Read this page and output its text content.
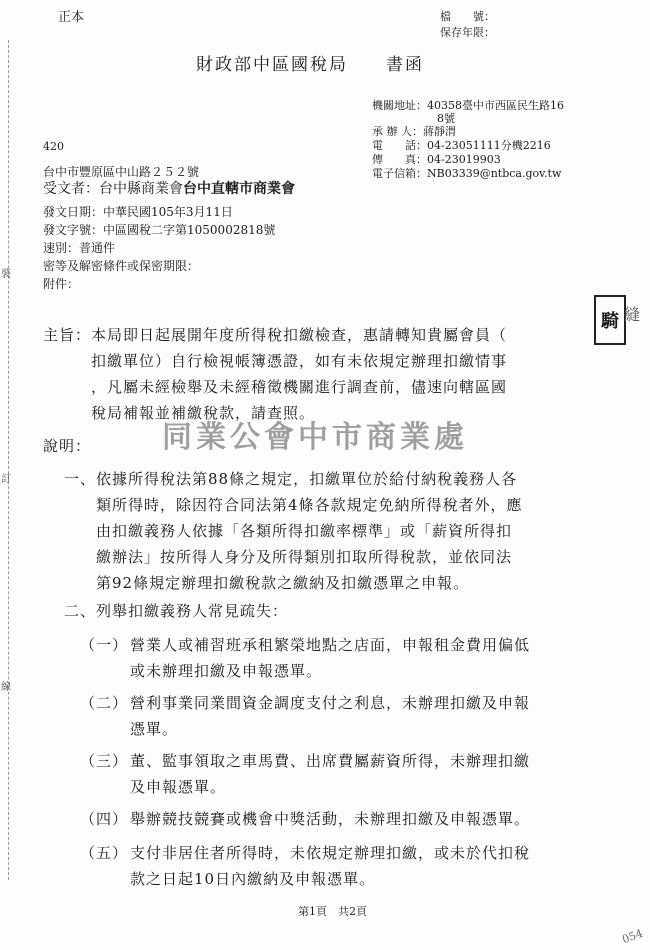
裝
訂
線
正本	檔　　號：
保存年限：
財政部中區國稅局　　書函
機關地址：40358臺中市西區民生路16
8號
承 辦 人：蔣靜渭
電　　話：04-23051111分機2216
傳　　真：04-23019903
電子信箱：NB03339@ntbca.gov.tw
420
台中市豐原區中山路２５２號
受文者：台中縣商業會台中直轄市商業會
發文日期：中華民國105年3月11日
發文字號：中區國稅二字第1050002818號
速別：普通件
密等及解密條件或保密期限：
附件：
騎 縫
主旨： 本局即日起展開年度所得稅扣繳檢查，惠請轉知貴屬會員（
扣繳單位）自行檢視帳簿憑證，如有未依規定辦理扣繳情事
，凡屬未經檢舉及未經稽徵機關進行調查前，儘速向轄區國
稅局補報並補繳稅款，請查照。
同業公會中市商業處
說明：
一、 依據所得稅法第88條之規定，扣繳單位於給付納稅義務人各
類所得時，除因符合同法第4條各款規定免納所得稅者外，應
由扣繳義務人依據「各類所得扣繳率標準」或「薪資所得扣
繳辦法」按所得人身分及所得類別扣取所得稅款，並依同法
第92條規定辦理扣繳稅款之繳納及扣繳憑單之申報。
二、列舉扣繳義務人常見疏失：
（一） 營業人或補習班承租繁榮地點之店面，申報租金費用偏低
或未辦理扣繳及申報憑單。
（二） 營利事業同業間資金調度支付之利息，未辦理扣繳及申報
憑單。
（三） 董、監事領取之車馬費、出席費屬薪資所得，未辦理扣繳
及申報憑單。
（四） 舉辦競技競賽或機會中獎活動，未辦理扣繳及申報憑單。
（五） 支付非居住者所得時，未依規定辦理扣繳，或未於代扣稅
款之日起10日內繳納及申報憑單。
第1頁　共2頁
054
